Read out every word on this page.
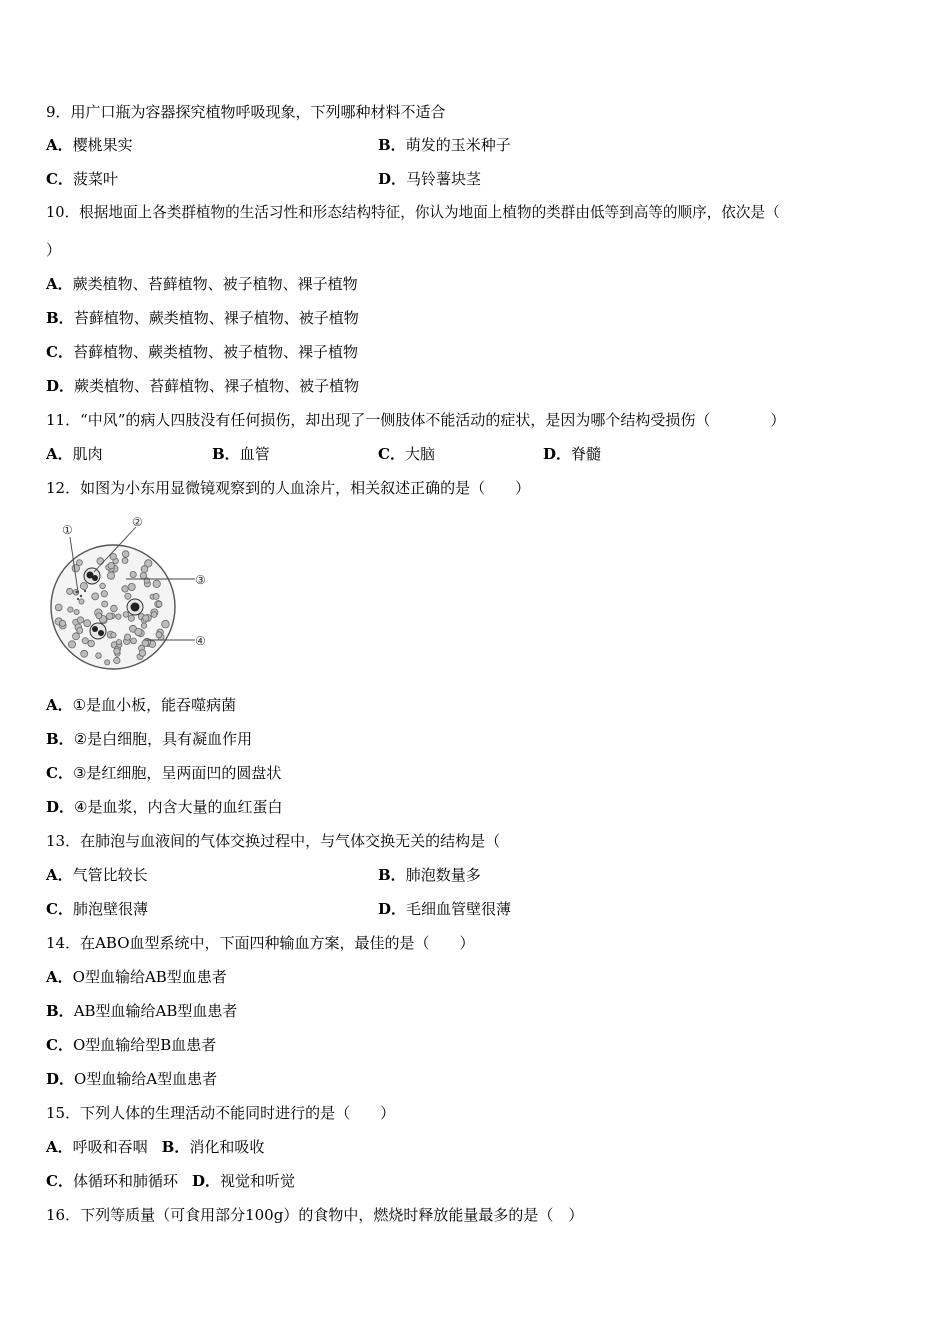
9．用广口瓶为容器探究植物呼吸现象，下列哪种材料不适合
A．樱桃果实	B．萌发的玉米种子
C．菠菜叶	D．马铃薯块茎
10．根据地面上各类群植物的生活习性和形态结构特征，你认为地面上植物的类群由低等到高等的顺序，依次是（
）
A．蕨类植物、苔藓植物、被子植物、裸子植物
B．苔藓植物、蕨类植物、裸子植物、被子植物
C．苔藓植物、蕨类植物、被子植物、裸子植物
D．蕨类植物、苔藓植物、裸子植物、被子植物
11．“中风”的病人四肢没有任何损伤，却出现了一侧肢体不能活动的症状，是因为哪个结构受损伤（　　　　）
A．肌肉	B．血管	C．大脑	D．脊髓
12．如图为小东用显微镜观察到的人血涂片，相关叙述正确的是（　　）
①
②
③
④
A．①是血小板，能吞噬病菌
B．②是白细胞，具有凝血作用
C．③是红细胞，呈两面凹的圆盘状
D．④是血浆，内含大量的血红蛋白
13．在肺泡与血液间的气体交换过程中，与气体交换无关的结构是（
A．气管比较长	B．肺泡数量多
C．肺泡壁很薄	D．毛细血管壁很薄
14．在ABO血型系统中，下面四种输血方案，最佳的是（　　）
A．O型血输给AB型血患者
B．AB型血输给AB型血患者
C．O型血输给型B血患者
D．O型血输给A型血患者
15．下列人体的生理活动不能同时进行的是（　　）
A．呼吸和吞咽 B．消化和吸收
C．体循环和肺循环 D．视觉和听觉
16．下列等质量（可食用部分100g）的食物中，燃烧时释放能量最多的是（　）
